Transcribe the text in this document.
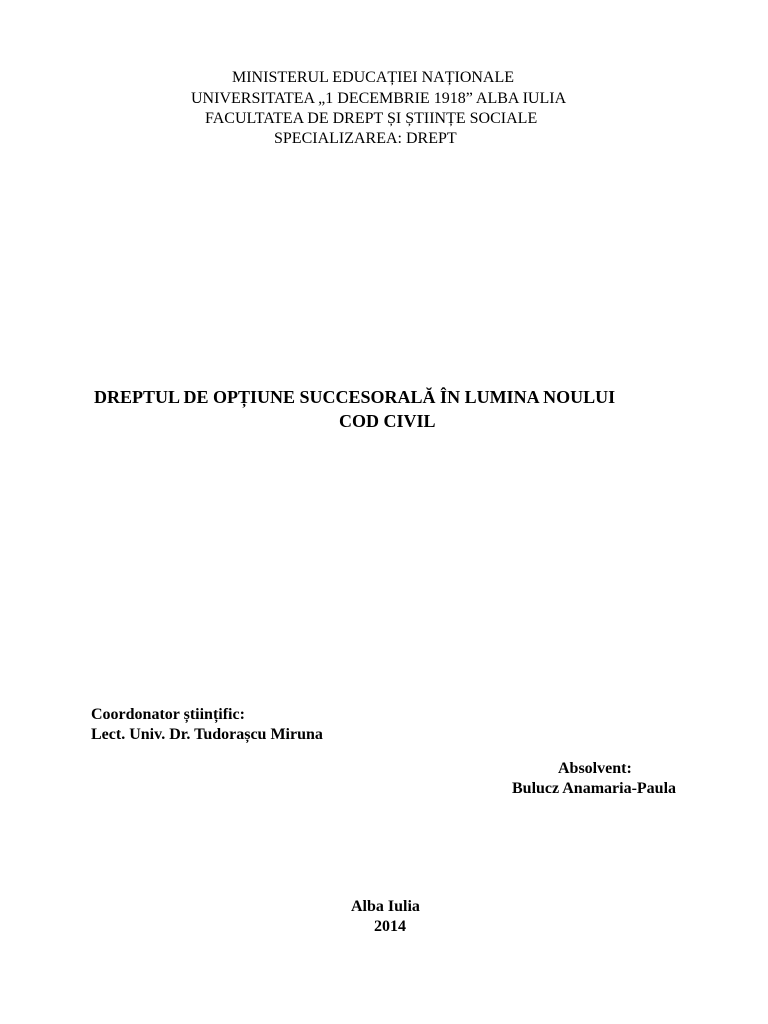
MINISTERUL EDUCAȚIEI NAȚIONALE
UNIVERSITATEA „1 DECEMBRIE 1918” ALBA IULIA
FACULTATEA DE DREPT ȘI ȘTIINȚE SOCIALE
SPECIALIZAREA: DREPT
DREPTUL DE OPȚIUNE SUCCESORALĂ ÎN LUMINA NOULUI
COD CIVIL
Coordonator științific:
Lect. Univ. Dr. Tudorașcu Miruna
Absolvent:
Bulucz Anamaria-Paula
Alba Iulia
2014
